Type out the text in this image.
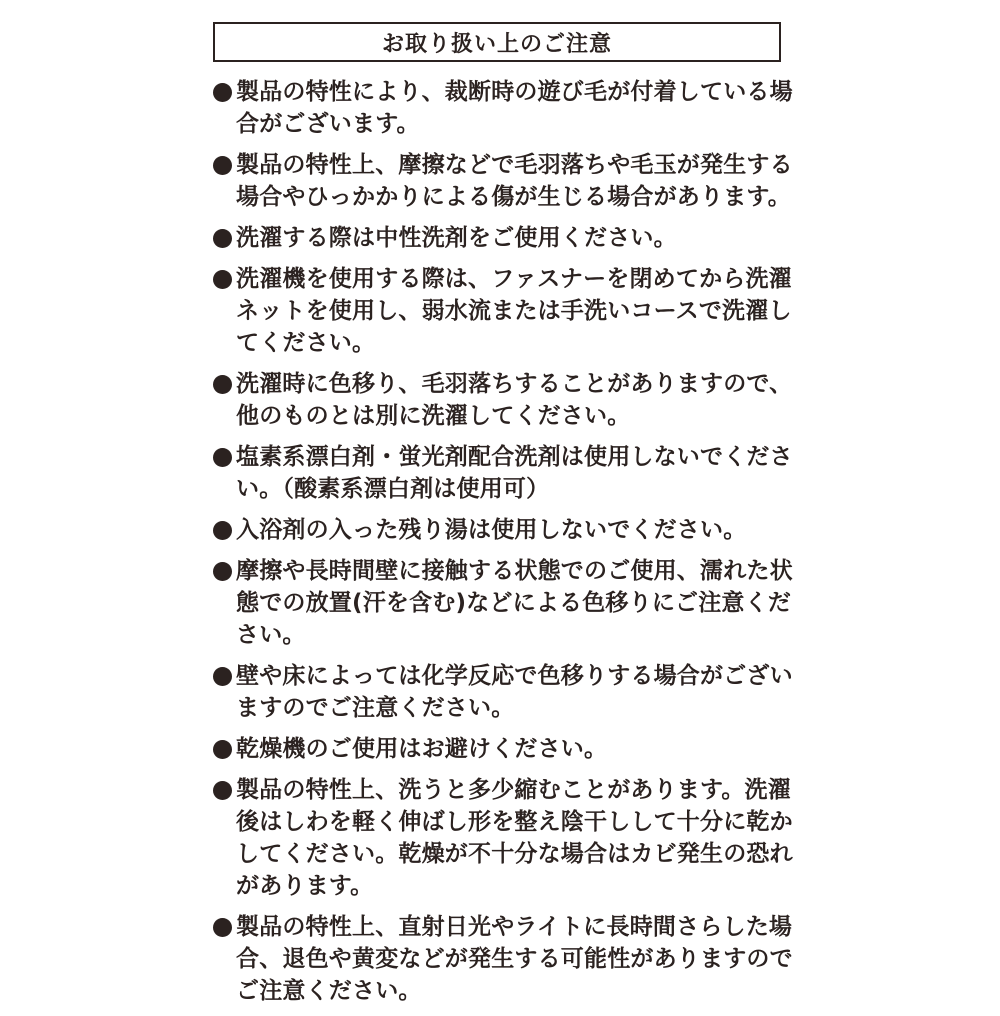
お取り扱い上のご注意
製品の特性により、裁断時の遊び毛が付着している場合がございます。
製品の特性上、摩擦などで毛羽落ちや毛玉が発生する場合やひっかかりによる傷が生じる場合があります。
洗濯する際は中性洗剤をご使用ください。
洗濯機を使用する際は、ファスナーを閉めてから洗濯ネットを使用し、弱水流または手洗いコースで洗濯してください。
洗濯時に色移り、毛羽落ちすることがありますので、他のものとは別に洗濯してください。
塩素系漂白剤・蛍光剤配合洗剤は使用しないでください。（酸素系漂白剤は使用可）
入浴剤の入った残り湯は使用しないでください。
摩擦や長時間壁に接触する状態でのご使用、濡れた状態での放置(汗を含む)などによる色移りにご注意ください。
壁や床によっては化学反応で色移りする場合がございますのでご注意ください。
乾燥機のご使用はお避けください。
製品の特性上、洗うと多少縮むことがあります。洗濯後はしわを軽く伸ばし形を整え陰干しして十分に乾かしてください。乾燥が不十分な場合はカビ発生の恐れがあります。
製品の特性上、直射日光やライトに長時間さらした場合、退色や黄変などが発生する可能性がありますのでご注意ください。
